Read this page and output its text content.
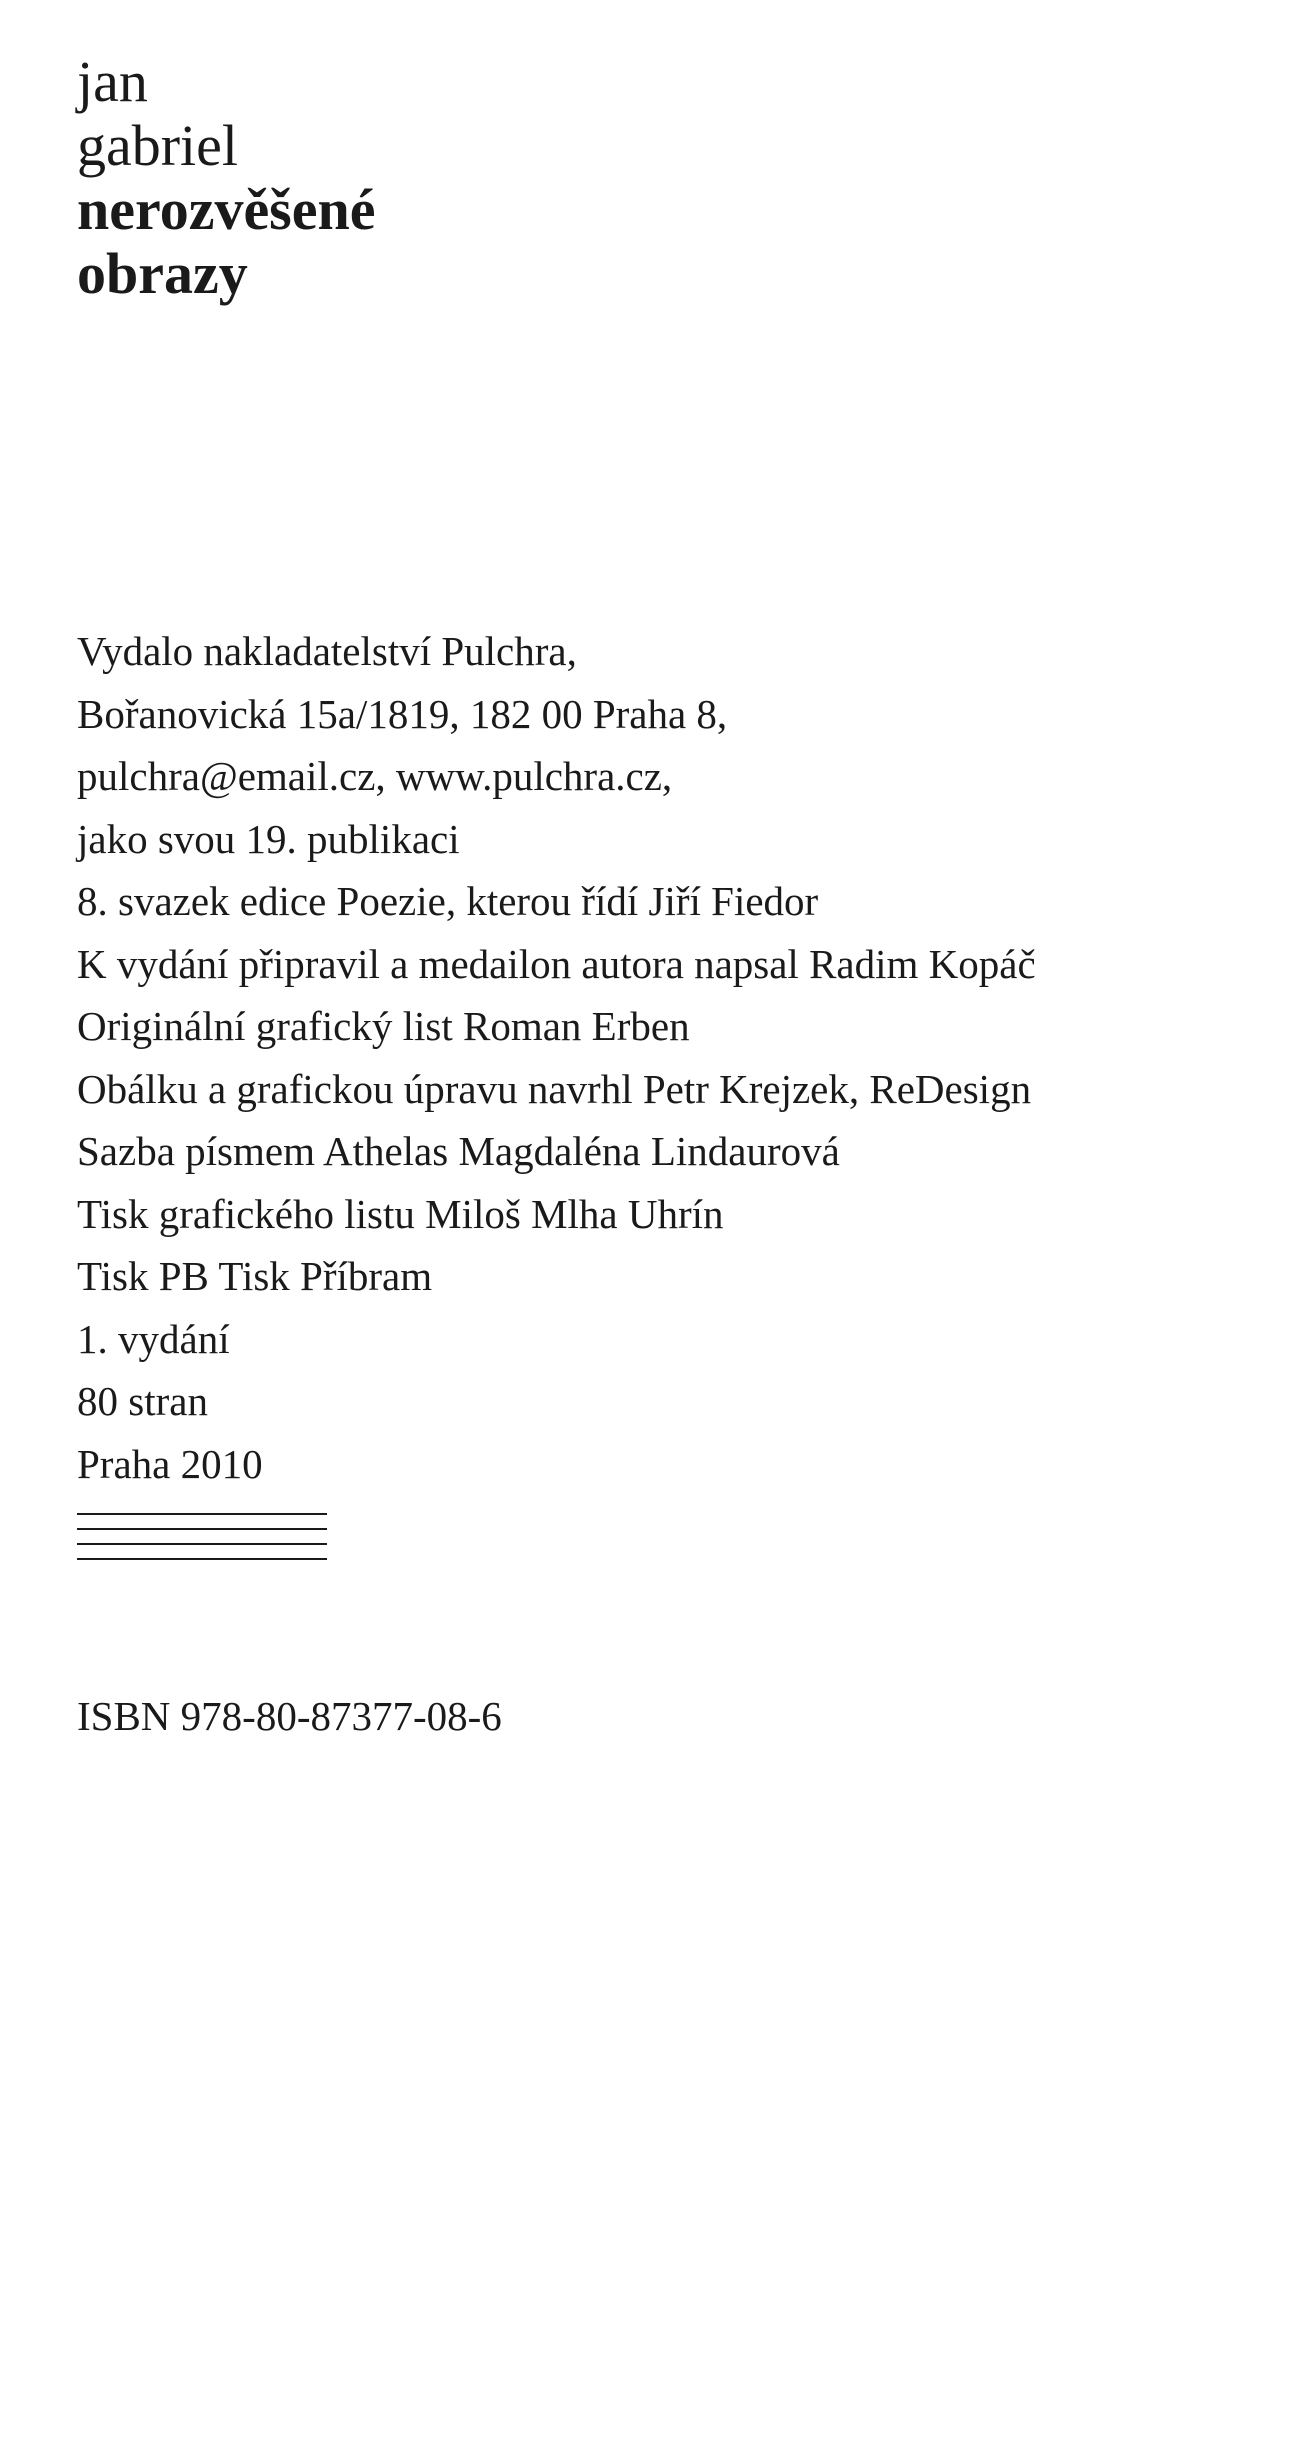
jan
gabriel
nerozvěšené
obrazy
Vydalo nakladatelství Pulchra,
Bořanovická 15a/1819, 182 00 Praha 8,
pulchra@email.cz, www.pulchra.cz,
jako svou 19. publikaci
8. svazek edice Poezie, kterou řídí Jiří Fiedor
K vydání připravil a medailon autora napsal Radim Kopáč
Originální grafický list Roman Erben
Obálku a grafickou úpravu navrhl Petr Krejzek, ReDesign
Sazba písmem Athelas Magdaléna Lindaurová
Tisk grafického listu Miloš Mlha Uhrín
Tisk PB Tisk Příbram
1. vydání
80 stran
Praha 2010
ISBN 978-80-87377-08-6
